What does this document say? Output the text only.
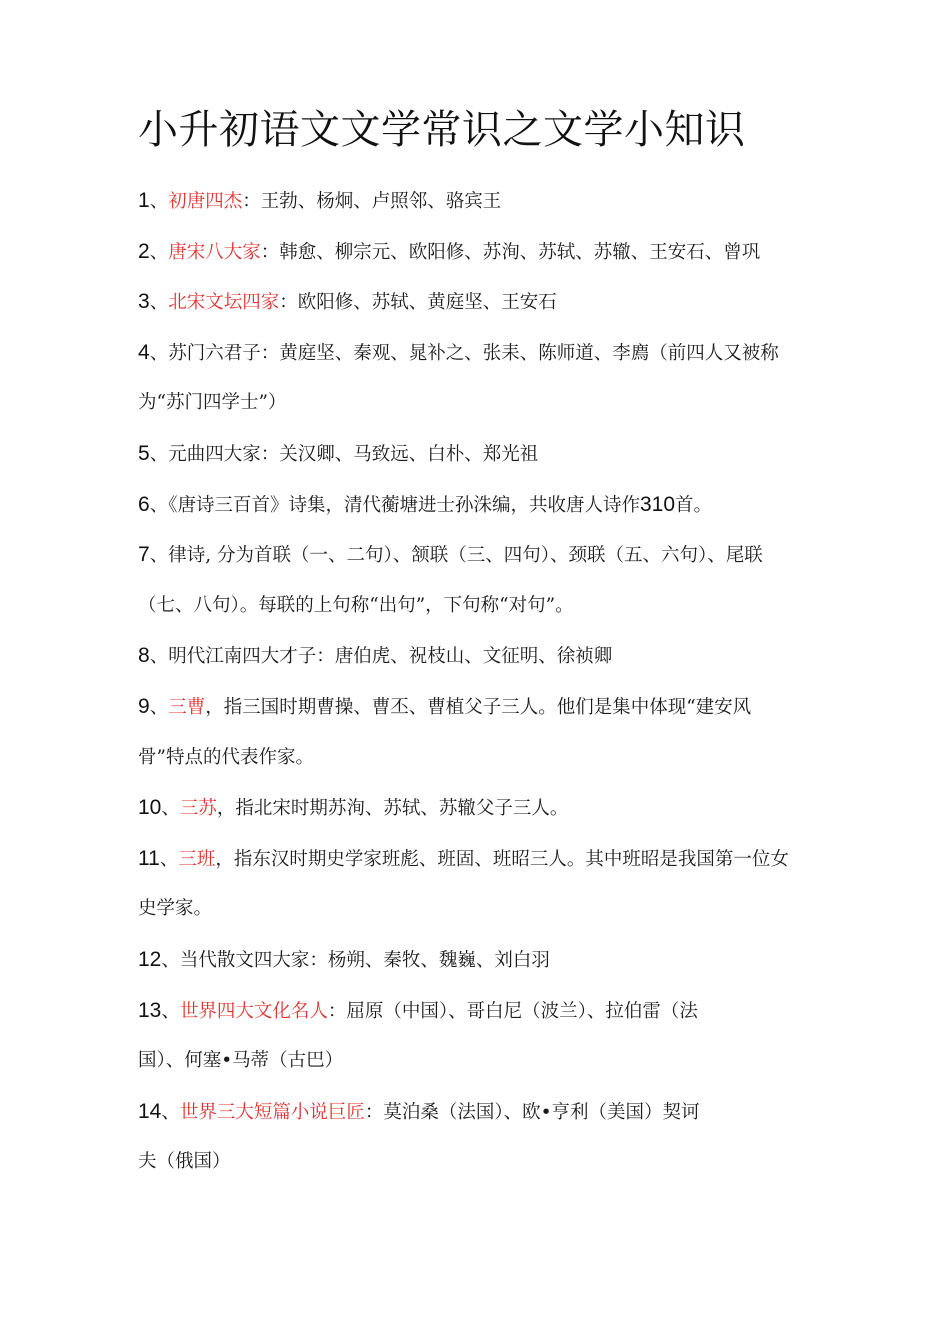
小升初语文文学常识之文学小知识
1、初唐四杰：王勃、杨炯、卢照邻、骆宾王
2、唐宋八大家：韩愈、柳宗元、欧阳修、苏洵、苏轼、苏辙、王安石、曾巩
3、北宋文坛四家：欧阳修、苏轼、黄庭坚、王安石
4、苏门六君子：黄庭坚、秦观、晁补之、张耒、陈师道、李廌（前四人又被称
为“苏门四学士”）
5、元曲四大家：关汉卿、马致远、白朴、郑光祖
6、《唐诗三百首》诗集，清代蘅塘进士孙洙编，共收唐人诗作310首。
7、律诗, 分为首联（一、二句）、颔联（三、四句）、颈联（五、六句）、尾联
（七、八句）。每联的上句称“出句”，下句称“对句”。
8、明代江南四大才子：唐伯虎、祝枝山、文征明、徐祯卿
9、三曹，指三国时期曹操、曹丕、曹植父子三人。他们是集中体现“建安风
骨”特点的代表作家。
10、三苏，指北宋时期苏洵、苏轼、苏辙父子三人。
11、三班，指东汉时期史学家班彪、班固、班昭三人。其中班昭是我国第一位女
史学家。
12、当代散文四大家：杨朔、秦牧、魏巍、刘白羽
13、世界四大文化名人：屈原（中国）、哥白尼（波兰）、拉伯雷（法
国）、何塞•马蒂（古巴）
14、世界三大短篇小说巨匠：莫泊桑（法国）、欧•亨利（美国）契诃
夫（俄国）
